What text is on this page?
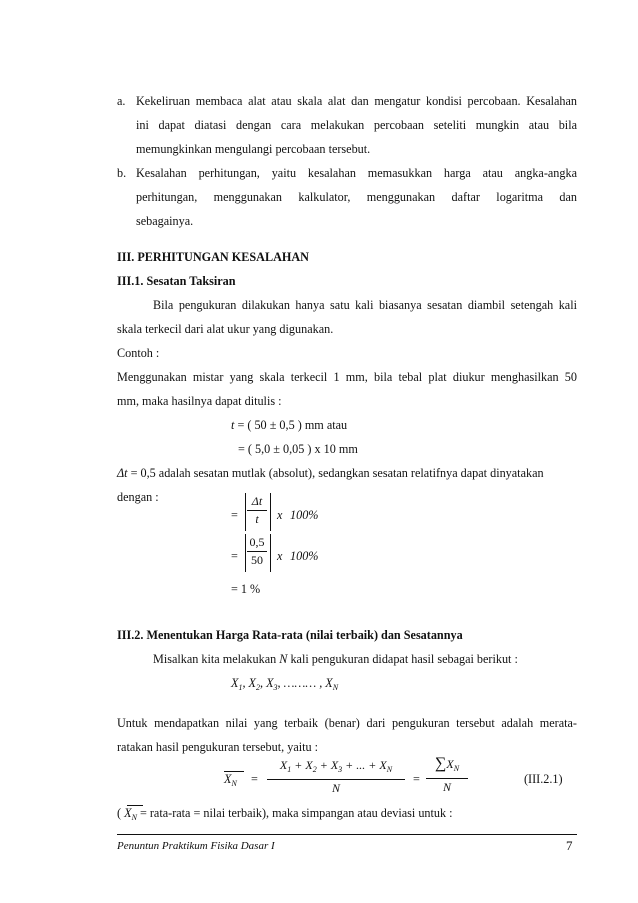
a. Kekeliruan membaca alat atau skala alat dan mengatur kondisi percobaan. Kesalahan
ini dapat diatasi dengan cara melakukan percobaan seteliti mungkin atau bila
memungkinkan mengulangi percobaan tersebut.
b. Kesalahan perhitungan, yaitu kesalahan memasukkan harga atau angka-angka
perhitungan, menggunakan kalkulator, menggunakan daftar logaritma dan
sebagainya.
III. PERHITUNGAN KESALAHAN
III.1. Sesatan Taksiran
Bila pengukuran dilakukan hanya satu kali biasanya sesatan diambil setengah kali
skala terkecil dari alat ukur yang digunakan.
Contoh :
Menggunakan mistar yang skala terkecil 1 mm, bila tebal plat diukur menghasilkan 50
mm, maka hasilnya dapat ditulis :
t = ( 50 ± 0,5 ) mm atau
= ( 5,0 ± 0,05 ) x 10 mm
Δt = 0,5 adalah sesatan mutlak (absolut), sedangkan sesatan relatifnya dapat dinyatakan
dengan :
=
Δt
t x 100%
=
0,5
50 x 100%
= 1 %
III.2. Menentukan Harga Rata-rata (nilai terbaik) dan Sesatannya
Misalkan kita melakukan N kali pengukuran didapat hasil sebagai berikut :
$X_1$, $X_2$, $X_3$, ……… , $X_N$
Untuk mendapatkan nilai yang terbaik (benar) dari pengukuran tersebut adalah merata-
ratakan hasil pengukuran tersebut, yaitu :
$X_N$ =
$X_1 + X_2 + X_3$ + ... + $X_N$
N
=
$\sum X_N$
N
(III.2.1)
( $X_N$ = rata-rata = nilai terbaik), maka simpangan atau deviasi untuk :
Penuntun Praktikum Fisika Dasar I	7
